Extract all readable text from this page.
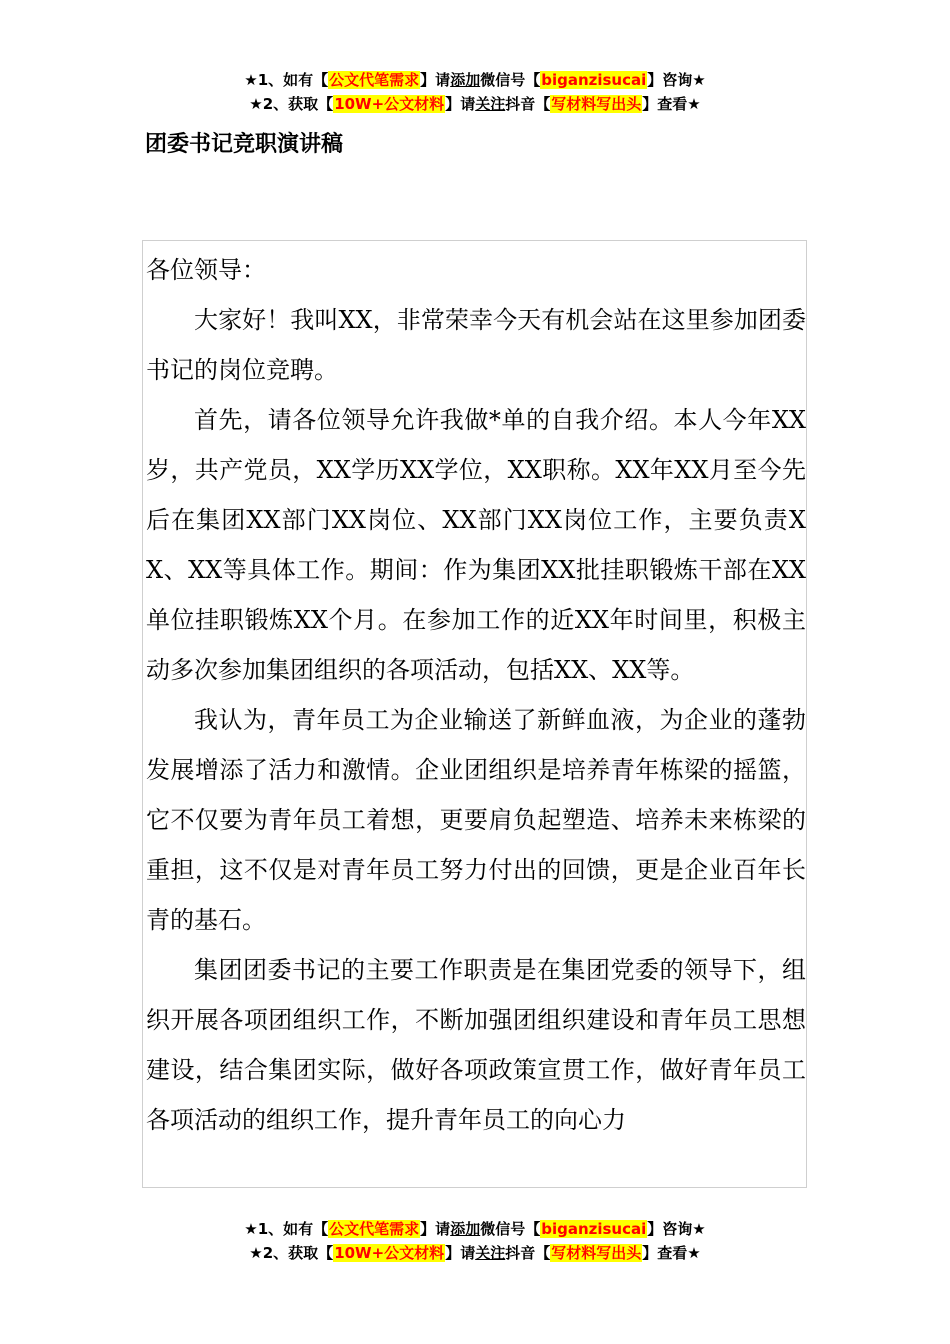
★1、如有【公文代笔需求】请添加微信号【biganzisucai】咨询★
★2、获取【10W+公文材料】请关注抖音【写材料写出头】查看★
团委书记竞职演讲稿

各位领导：

大家好！我叫XX，非常荣幸今天有机会站在这里参加团委书记的岗位竞聘。

首先，请各位领导允许我做*单的自我介绍。本人今年XX岁，共产党员，XX学历XX学位，XX职称。XX年XX月至今先后在集团XX部门XX岗位、XX部门XX岗位工作，主要负责XX、XX等具体工作。期间：作为集团XX批挂职锻炼干部在XX单位挂职锻炼XX个月。在参加工作的近XX年时间里，积极主动多次参加集团组织的各项活动，包括XX、XX等。

我认为，青年员工为企业输送了新鲜血液，为企业的蓬勃发展增添了活力和激情。企业团组织是培养青年栋梁的摇篮，它不仅要为青年员工着想，更要肩负起塑造、培养未来栋梁的重担，这不仅是对青年员工努力付出的回馈，更是企业百年长青的基石。

集团团委书记的主要工作职责是在集团党委的领导下，组织开展各项团组织工作，不断加强团组织建设和青年员工思想建设，结合集团实际，做好各项政策宣贯工作，做好青年员工各项活动的组织工作，提升青年员工的向心力

★1、如有【公文代笔需求】请添加微信号【biganzisucai】咨询★
★2、获取【10W+公文材料】请关注抖音【写材料写出头】查看★
